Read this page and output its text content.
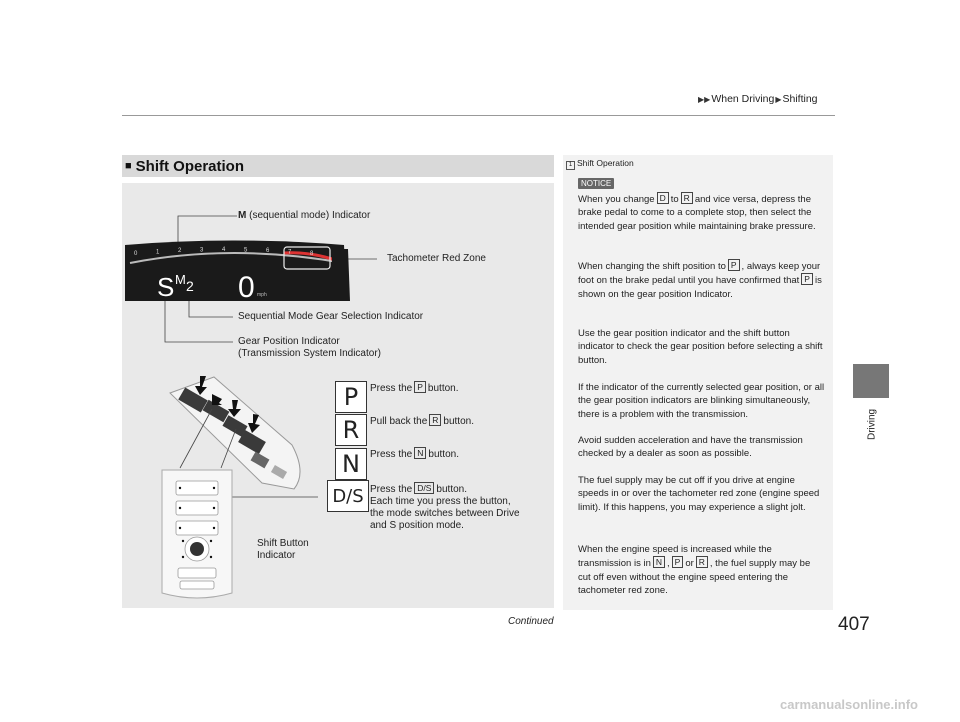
▶▶When Driving▶Shifting
Driving
■ Shift Operation
0	1	2	3	4	5	6	7	8
S M 2 0 mph
M (sequential mode) Indicator
Tachometer Red Zone
Sequential Mode Gear Selection Indicator
Gear Position Indicator
(Transmission System Indicator)
Shift Button
Indicator
P	Press the P button.
R	Pull back the R button.
N	Press the N button.
D/S Press the D/S button.
Each time you press the button,
the mode switches between Drive
and S position mode.
1 Shift Operation
NOTICE
When you change D to R and vice versa, depress the brake pedal to come to a complete stop, then select the intended gear position while maintaining brake pressure.
When changing the shift position to P , always keep your foot on the brake pedal until you have confirmed that P is shown on the gear position Indicator.
Use the gear position indicator and the shift button indicator to check the gear position before selecting a shift button.
If the indicator of the currently selected gear position, or all the gear position indicators are blinking simultaneously, there is a problem with the transmission.
Avoid sudden acceleration and have the transmission checked by a dealer as soon as possible.
The fuel supply may be cut off if you drive at engine speeds in or over the tachometer red zone (engine speed limit). If this happens, you may experience a slight jolt.
When the engine speed is increased while the transmission is in N , P or R , the fuel supply may be cut off even without the engine speed entering the tachometer red zone.
Continued	407
carmanualsonline.info
